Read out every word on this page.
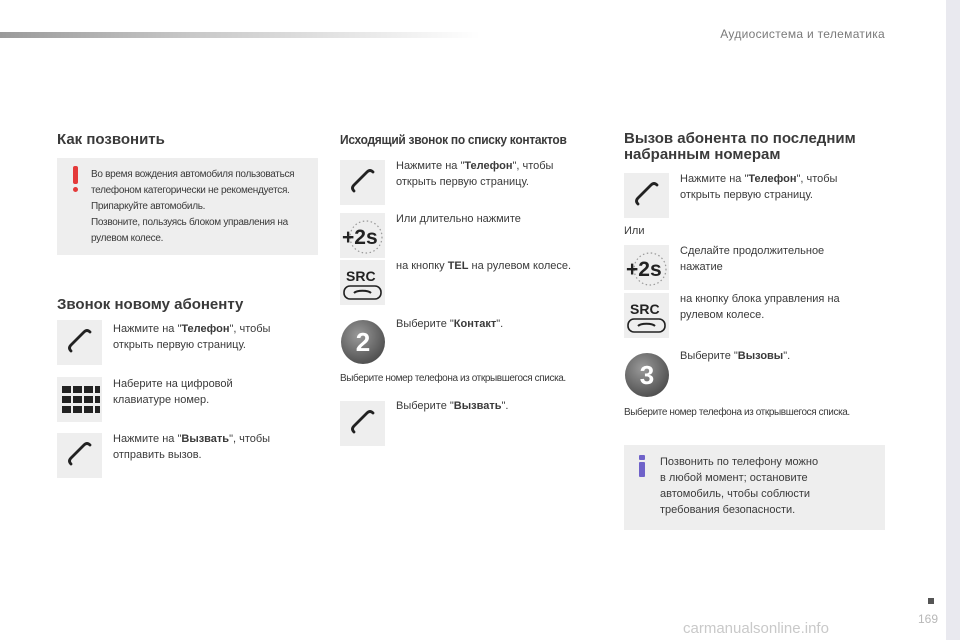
Аудиосистема и телематика
Как позвонить
Во время вождения автомобиля пользоваться
телефоном категорически не рекомендуется.
Припаркуйте автомобиль.
Позвоните, пользуясь блоком управления на
рулевом колесе.
Звонок новому абоненту
Нажмите на "Телефон", чтобы
открыть первую страницу.
Наберите на цифровой
клавиатуре номер.
Нажмите на "Вызвать", чтобы
отправить вызов.
Исходящий звонок по списку контактов
Нажмите на "Телефон", чтобы
открыть первую страницу.
+2s
Или длительно нажмите
SRC
на кнопку TEL на рулевом колесе.
2
Выберите "Контакт".
Выберите номер телефона из открывшегося списка.
Выберите "Вызвать".
Вызов абонента по последним
набранным номерам
Нажмите на "Телефон", чтобы
открыть первую страницу.
Или
+2s
Сделайте продолжительное
нажатие
SRC
на кнопку блока управления на
рулевом колесе.
3
Выберите "Вызовы".
Выберите номер телефона из открывшегося списка.
Позвонить по телефону можно
в любой момент; остановите
автомобиль, чтобы соблюсти
требования безопасности.
169
carmanualsonline.info
